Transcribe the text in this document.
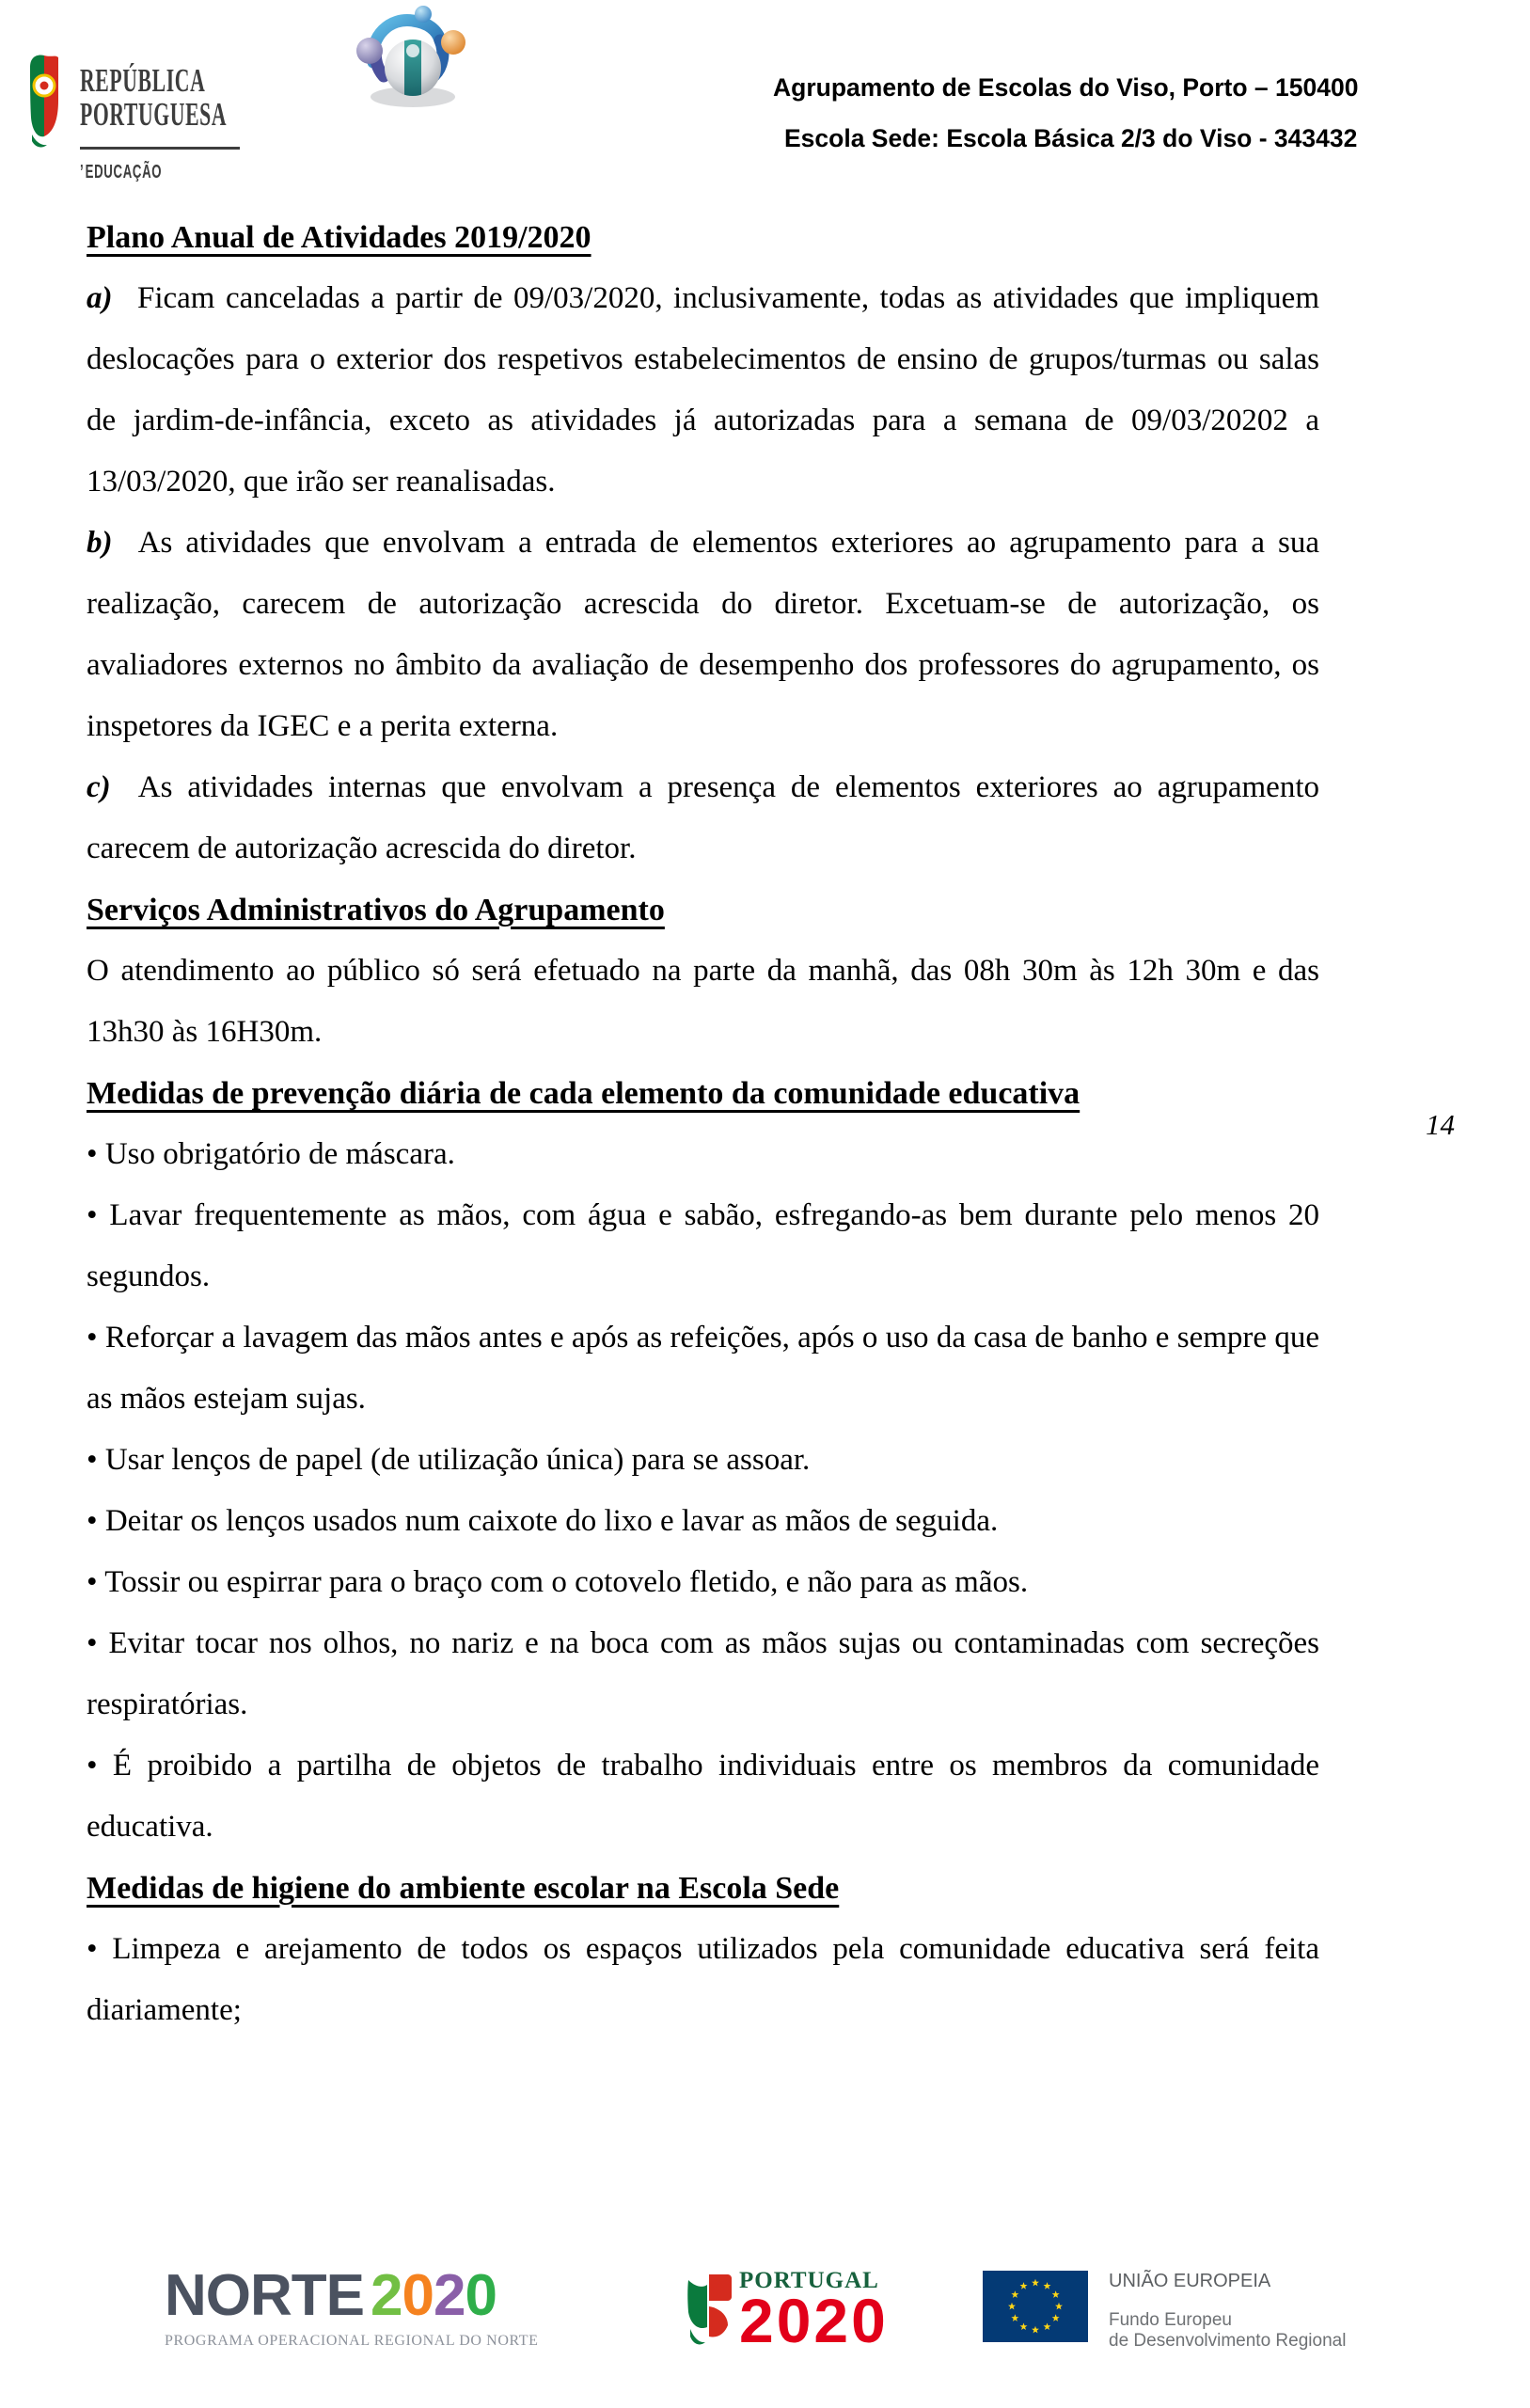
REPÚBLICA
PORTUGUESA
’ EDUCAÇÃO
Agrupamento de Escolas do Viso, Porto – 150400
Escola Sede: Escola Básica 2/3 do Viso - 343432
Plano Anual de Atividades 2019/2020

a) Ficam canceladas a partir de 09/03/2020, inclusivamente, todas as atividades que impliquem deslocações para o exterior dos respetivos estabelecimentos de ensino de grupos/turmas ou salas de jardim-de-infância, exceto as atividades já autorizadas para a semana de 09/03/20202 a 13/03/2020, que irão ser reanalisadas.

b) As atividades que envolvam a entrada de elementos exteriores ao agrupamento para a sua realização, carecem de autorização acrescida do diretor. Excetuam-se de autorização, os avaliadores externos no âmbito da avaliação de desempenho dos professores do agrupamento, os inspetores da IGEC e a perita externa.

c) As atividades internas que envolvam a presença de elementos exteriores ao agrupamento carecem de autorização acrescida do diretor.

Serviços Administrativos do Agrupamento

O atendimento ao público só será efetuado na parte da manhã, das 08h 30m às 12h 30m e das 13h30 às 16H30m.

Medidas de prevenção diária de cada elemento da comunidade educativa

• Uso obrigatório de máscara.

• Lavar frequentemente as mãos, com água e sabão, esfregando-as bem durante pelo menos 20 segundos.

• Reforçar a lavagem das mãos antes e após as refeições, após o uso da casa de banho e sempre que as mãos estejam sujas.

• Usar lenços de papel (de utilização única) para se assoar.

• Deitar os lenços usados num caixote do lixo e lavar as mãos de seguida.

• Tossir ou espirrar para o braço com o cotovelo fletido, e não para as mãos.

• Evitar tocar nos olhos, no nariz e na boca com as mãos sujas ou contaminadas com secreções respiratórias.

• É proibido a partilha de objetos de trabalho individuais entre os membros da comunidade educativa.

Medidas de higiene do ambiente escolar na Escola Sede

• Limpeza e arejamento de todos os espaços utilizados pela comunidade educativa será feita diariamente;

14
NORTE 2020
PROGRAMA OPERACIONAL REGIONAL DO NORTE
PORTUGAL
2020
UNIÃO EUROPEIA
Fundo Europeu
de Desenvolvimento Regional
